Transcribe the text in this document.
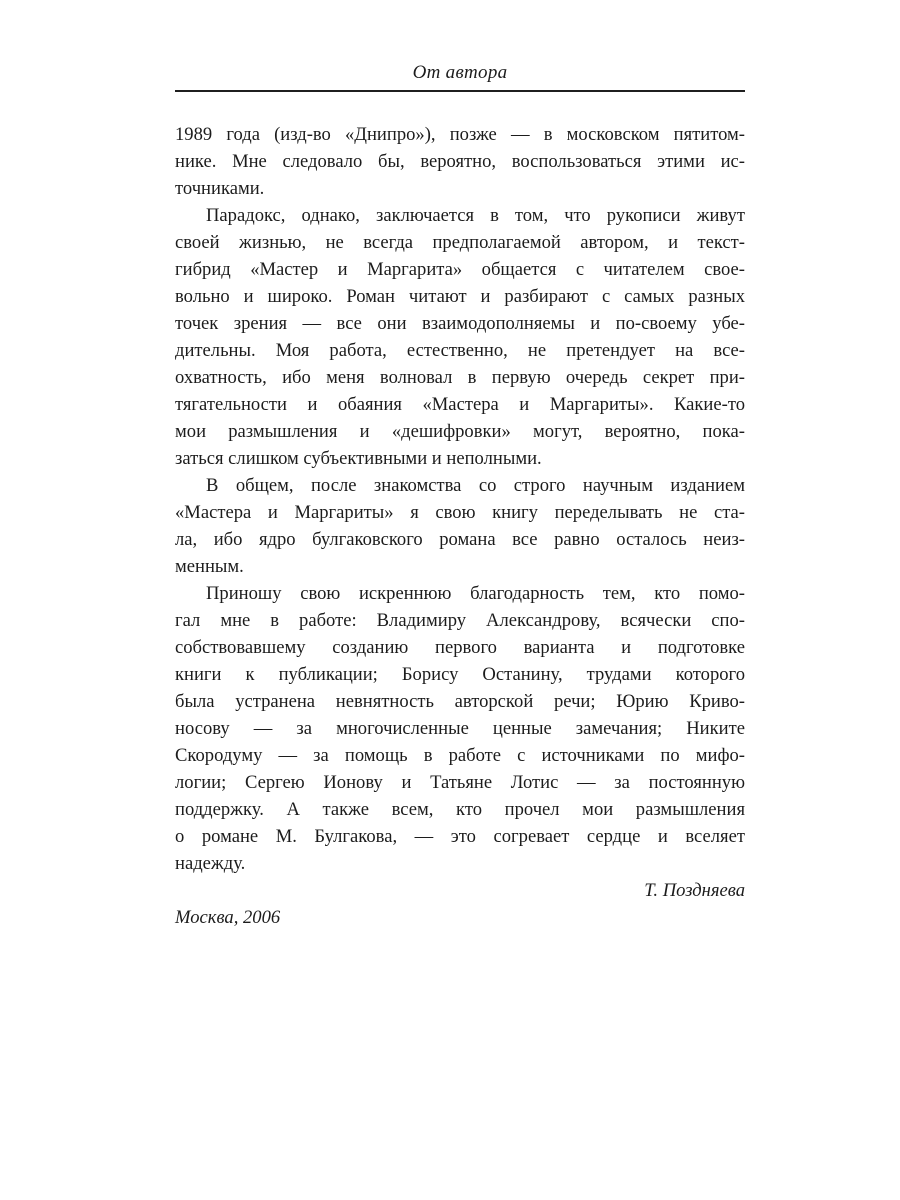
От автора
1989 года (изд-во «Днипро»), позже — в московском пятитом-
нике. Мне следовало бы, вероятно, воспользоваться этими ис-
точниками.
Парадокс, однако, заключается в том, что рукописи живут
своей жизнью, не всегда предполагаемой автором, и текст-
гибрид «Мастер и Маргарита» общается с читателем свое-
вольно и широко. Роман читают и разбирают с самых разных
точек зрения — все они взаимодополняемы и по-своему убе-
дительны. Моя работа, естественно, не претендует на все-
охватность, ибо меня волновал в первую очередь секрет при-
тягательности и обаяния «Мастера и Маргариты». Какие-то
мои размышления и «дешифровки» могут, вероятно, пока-
заться слишком субъективными и неполными.
В общем, после знакомства со строго научным изданием
«Мастера и Маргариты» я свою книгу переделывать не ста-
ла, ибо ядро булгаковского романа все равно осталось неиз-
менным.
Приношу свою искреннюю благодарность тем, кто помо-
гал мне в работе: Владимиру Александрову, всячески спо-
собствовавшему созданию первого варианта и подготовке
книги к публикации; Борису Останину, трудами которого
была устранена невнятность авторской речи; Юрию Криво-
носову — за многочисленные ценные замечания; Никите
Скородуму — за помощь в работе с источниками по мифо-
логии; Сергею Ионову и Татьяне Лотис — за постоянную
поддержку. А также всем, кто прочел мои размышления
о романе М. Булгакова, — это согревает сердце и вселяет
надежду.
Т. Поздняева
Москва, 2006
